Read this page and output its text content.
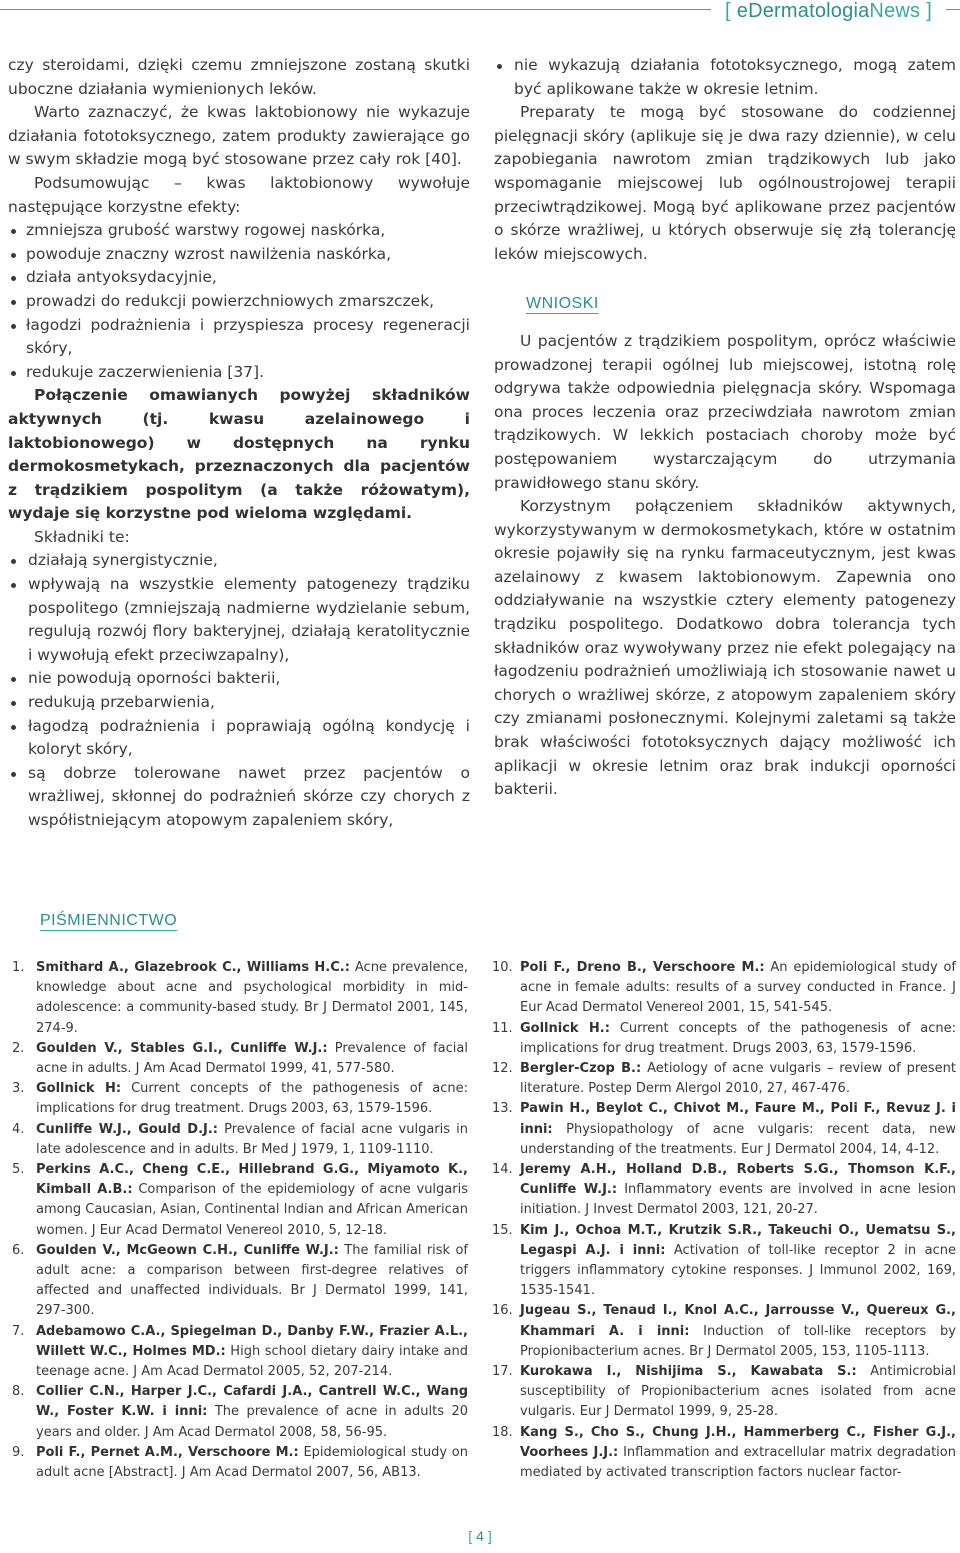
[ eDermatologiaNews ]

czy steroidami, dzięki czemu zmniejszone zostaną skutki uboczne działania wymienionych leków.

Warto zaznaczyć, że kwas laktobionowy nie wykazuje działania fototoksycznego, zatem produkty zawierające go w swym składzie mogą być stosowane przez cały rok [40].

Podsumowując – kwas laktobionowy wywołuje następujące korzystne efekty:

zmniejsza grubość warstwy rogowej naskórka,
powoduje znaczny wzrost nawilżenia naskórka,
działa antyoksydacyjnie,
prowadzi do redukcji powierzchniowych zmarszczek,
łagodzi podrażnienia i przyspiesza procesy regeneracji skóry,
redukuje zaczerwienienia [37].

Połączenie omawianych powyżej składników aktywnych (tj. kwasu azelainowego i laktobionowego) w dostępnych na rynku dermokosmetykach, przeznaczonych dla pacjentów z trądzikiem pospolitym (a także różowatym), wydaje się korzystne pod wieloma względami.

Składniki te:

działają synergistycznie,
wpływają na wszystkie elementy patogenezy trądziku pospolitego (zmniejszają nadmierne wydzielanie sebum, regulują rozwój flory bakteryjnej, działają keratolitycznie i wywołują efekt przeciwzapalny),
nie powodują oporności bakterii,
redukują przebarwienia,
łagodzą podrażnienia i poprawiają ogólną kondycję i koloryt skóry,
są dobrze tolerowane nawet przez pacjentów o wrażliwej, skłonnej do podrażnień skórze czy chorych z współistniejącym atopowym zapaleniem skóry,
nie wykazują działania fototoksycznego, mogą zatem być aplikowane także w okresie letnim.

Preparaty te mogą być stosowane do codziennej pielęgnacji skóry (aplikuje się je dwa razy dziennie), w celu zapobiegania nawrotom zmian trądzikowych lub jako wspomaganie miejscowej lub ogólnoustrojowej terapii przeciwtrądzikowej. Mogą być aplikowane przez pacjentów o skórze wrażliwej, u których obserwuje się złą tolerancję leków miejscowych.

WNIOSKI

U pacjentów z trądzikiem pospolitym, oprócz właściwie prowadzonej terapii ogólnej lub miejscowej, istotną rolę odgrywa także odpowiednia pielęgnacja skóry. Wspomaga ona proces leczenia oraz przeciwdziała nawrotom zmian trądzikowych. W lekkich postaciach choroby może być postępowaniem wystarczającym do utrzymania prawidłowego stanu skóry.

Korzystnym połączeniem składników aktywnych, wykorzystywanym w dermokosmetykach, które w ostatnim okresie pojawiły się na rynku farmaceutycznym, jest kwas azelainowy z kwasem laktobionowym. Zapewnia ono oddziaływanie na wszystkie cztery elementy patogenezy trądziku pospolitego. Dodatkowo dobra tolerancja tych składników oraz wywoływany przez nie efekt polegający na łagodzeniu podrażnień umożliwiają ich stosowanie nawet u chorych o wrażliwej skórze, z atopowym zapaleniem skóry czy zmianami posłonecznymi. Kolejnymi zaletami są także brak właściwości fototoksycznych dający możliwość ich aplikacji w okresie letnim oraz brak indukcji oporności bakterii.

PIŚMIENNICTWO
1. Smithard A., Glazebrook C., Williams H.C.: Acne prevalence, knowledge about acne and psychological morbidity in mid-adolescence: a community-based study. Br J Dermatol 2001, 145, 274-9.
2. Goulden V., Stables G.I., Cunliffe W.J.: Prevalence of facial acne in adults. J Am Acad Dermatol 1999, 41, 577-580.
3. Gollnick H: Current concepts of the pathogenesis of acne: implications for drug treatment. Drugs 2003, 63, 1579-1596.
4. Cunliffe W.J., Gould D.J.: Prevalence of facial acne vulgaris in late adolescence and in adults. Br Med J 1979, 1, 1109-1110.
5. Perkins A.C., Cheng C.E., Hillebrand G.G., Miyamoto K., Kimball A.B.: Comparison of the epidemiology of acne vulgaris among Caucasian, Asian, Continental Indian and African American women. J Eur Acad Dermatol Venereol 2010, 5, 12-18.
6. Goulden V., McGeown C.H., Cunliffe W.J.: The familial risk of adult acne: a comparison between first-degree relatives of affected and unaffected individuals. Br J Dermatol 1999, 141, 297-300.
7. Adebamowo C.A., Spiegelman D., Danby F.W., Frazier A.L., Willett W.C., Holmes MD.: High school dietary dairy intake and teenage acne. J Am Acad Dermatol 2005, 52, 207-214.
8. Collier C.N., Harper J.C., Cafardi J.A., Cantrell W.C., Wang W., Foster K.W. i inni: The prevalence of acne in adults 20 years and older. J Am Acad Dermatol 2008, 58, 56-95.
9. Poli F., Pernet A.M., Verschoore M.: Epidemiological study on adult acne [Abstract]. J Am Acad Dermatol 2007, 56, AB13.
10. Poli F., Dreno B., Verschoore M.: An epidemiological study of acne in female adults: results of a survey conducted in France. J Eur Acad Dermatol Venereol 2001, 15, 541-545.
11. Gollnick H.: Current concepts of the pathogenesis of acne: implications for drug treatment. Drugs 2003, 63, 1579-1596.
12. Bergler-Czop B.: Aetiology of acne vulgaris – review of present literature. Postep Derm Alergol 2010, 27, 467-476.
13. Pawin H., Beylot C., Chivot M., Faure M., Poli F., Revuz J. i inni: Physiopathology of acne vulgaris: recent data, new understanding of the treatments. Eur J Dermatol 2004, 14, 4-12.
14. Jeremy A.H., Holland D.B., Roberts S.G., Thomson K.F., Cunliffe W.J.: Inflammatory events are involved in acne lesion initiation. J Invest Dermatol 2003, 121, 20-27.
15. Kim J., Ochoa M.T., Krutzik S.R., Takeuchi O., Uematsu S., Legaspi A.J. i inni: Activation of toll-like receptor 2 in acne triggers inflammatory cytokine responses. J Immunol 2002, 169, 1535-1541.
16. Jugeau S., Tenaud I., Knol A.C., Jarrousse V., Quereux G., Khammari A. i inni: Induction of toll-like receptors by Propionibacterium acnes. Br J Dermatol 2005, 153, 1105-1113.
17. Kurokawa I., Nishijima S., Kawabata S.: Antimicrobial susceptibility of Propionibacterium acnes isolated from acne vulgaris. Eur J Dermatol 1999, 9, 25-28.
18. Kang S., Cho S., Chung J.H., Hammerberg C., Fisher G.J., Voorhees J.J.: Inflammation and extracellular matrix degradation mediated by activated transcription factors nuclear factor-
[ 4 ]
